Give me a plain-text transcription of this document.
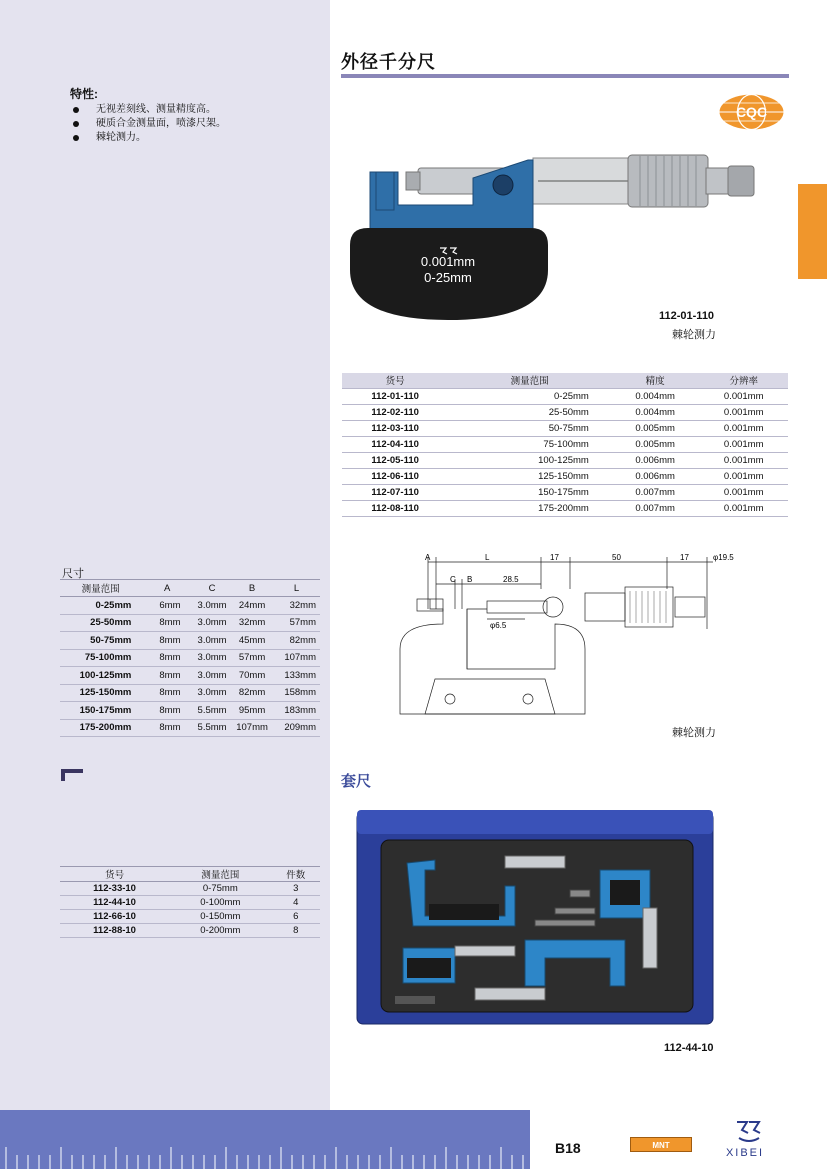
外径千分尺
特性:
无视差刻线、测量精度高。
硬质合金测量面，喷漆尺架。
棘轮测力。
CQC
0.001mm
0-25mm
112-01-110
棘轮测力
货号	测量范围	精度	分辨率
112-01-110	0-25mm	0.004mm	0.001mm
112-02-110	25-50mm	0.004mm	0.001mm
112-03-110	50-75mm	0.005mm	0.001mm
112-04-110	75-100mm	0.005mm	0.001mm
112-05-110	100-125mm	0.006mm	0.001mm
112-06-110	125-150mm	0.006mm	0.001mm
112-07-110	150-175mm	0.007mm	0.001mm
112-08-110	175-200mm	0.007mm	0.001mm
尺寸
测量范围	A	C	B	L
0-25mm	6mm	3.0mm	24mm	32mm
25-50mm	8mm	3.0mm	32mm	57mm
50-75mm	8mm	3.0mm	45mm	82mm
75-100mm	8mm	3.0mm	57mm	107mm
100-125mm	8mm	3.0mm	70mm	133mm
125-150mm	8mm	3.0mm	82mm	158mm
150-175mm	8mm	5.5mm	95mm	183mm
175-200mm	8mm	5.5mm	107mm	209mm
A	L	17	50	17	φ19.5
C B	28.5
φ6.5
棘轮测力
套尺
货号	测量范围	件数
112-33-10	0-75mm	3
112-44-10	0-100mm	4
112-66-10	0-150mm	6
112-88-10	0-200mm	8
112-44-10
B18	MNT
XIBEI
